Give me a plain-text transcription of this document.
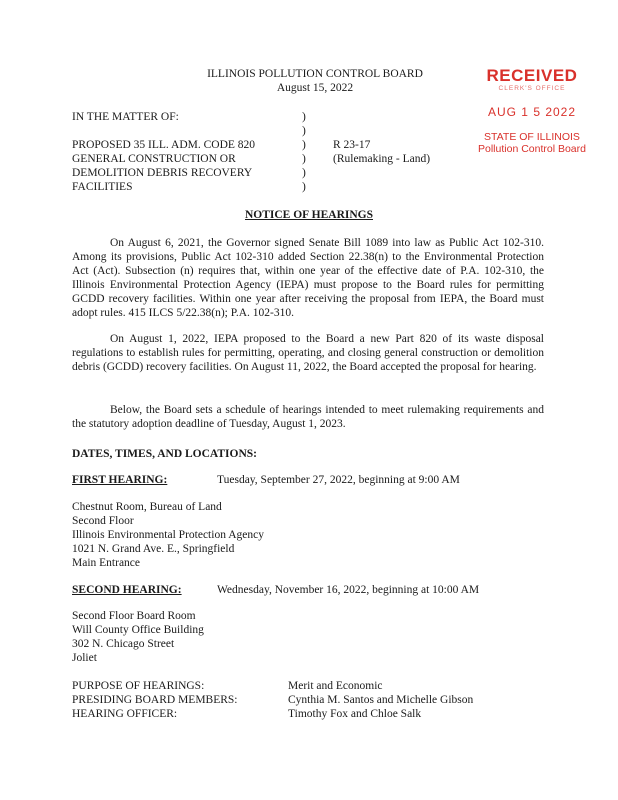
ILLINOIS POLLUTION CONTROL BOARD
August 15, 2022
RECEIVED
CLERK'S OFFICE
AUG 1 5 2022
STATE OF ILLINOIS
Pollution Control Board
IN THE MATTER OF:
PROPOSED 35 ILL. ADM. CODE 820
GENERAL CONSTRUCTION OR
DEMOLITION DEBRIS RECOVERY
FACILITIES
)
)
)
)
)
)
R 23-17
(Rulemaking - Land)
NOTICE OF HEARINGS
On August 6, 2021, the Governor signed Senate Bill 1089 into law as Public Act 102-310. Among its provisions, Public Act 102-310 added Section 22.38(n) to the Environmental Protection Act (Act). Subsection (n) requires that, within one year of the effective date of P.A. 102-310, the Illinois Environmental Protection Agency (IEPA) must propose to the Board rules for permitting GCDD recovery facilities. Within one year after receiving the proposal from IEPA, the Board must adopt rules. 415 ILCS 5/22.38(n); P.A. 102-310.
On August 1, 2022, IEPA proposed to the Board a new Part 820 of its waste disposal regulations to establish rules for permitting, operating, and closing general construction or demolition debris (GCDD) recovery facilities. On August 11, 2022, the Board accepted the proposal for hearing.
Below, the Board sets a schedule of hearings intended to meet rulemaking requirements and the statutory adoption deadline of Tuesday, August 1, 2023.
DATES, TIMES, AND LOCATIONS:
FIRST HEARING:	Tuesday, September 27, 2022, beginning at 9:00 AM
Chestnut Room, Bureau of Land
Second Floor
Illinois Environmental Protection Agency
1021 N. Grand Ave. E., Springfield
Main Entrance
SECOND HEARING:	Wednesday, November 16, 2022, beginning at 10:00 AM
Second Floor Board Room
Will County Office Building
302 N. Chicago Street
Joliet
PURPOSE OF HEARINGS:
PRESIDING BOARD MEMBERS:
HEARING OFFICER:
Merit and Economic
Cynthia M. Santos and Michelle Gibson
Timothy Fox and Chloe Salk
